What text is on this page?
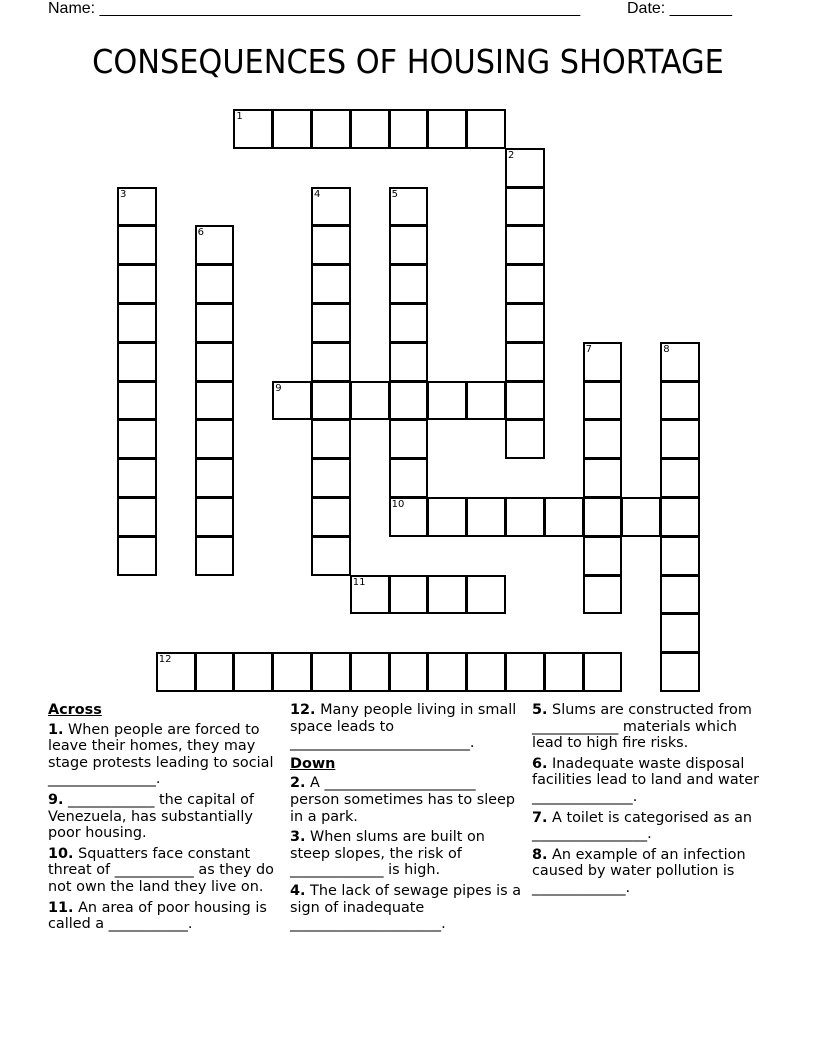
Name: ______________________________________________________	Date: _______
CONSEQUENCES OF HOUSING SHORTAGE
1
2
3	4	5
6
7	8
9
10
11
12
Across
1. When people are forced to leave their homes, they may stage protests leading to social _______________.
9. ____________ the capital of Venezuela, has substantially poor housing.
10. Squatters face constant threat of ___________ as they do not own the land they live on.
11. An area of poor housing is called a ___________.
12. Many people living in small space leads to _________________________.
Down
2. A _____________________ person sometimes has to sleep in a park.
3. When slums are built on steep slopes, the risk of _____________ is high.
4. The lack of sewage pipes is a sign of inadequate _____________________.
5. Slums are constructed from ____________ materials which lead to high fire risks.
6. Inadequate waste disposal facilities lead to land and water ______________.
7. A toilet is categorised as an ________________.
8. An example of an infection caused by water pollution is _____________.
